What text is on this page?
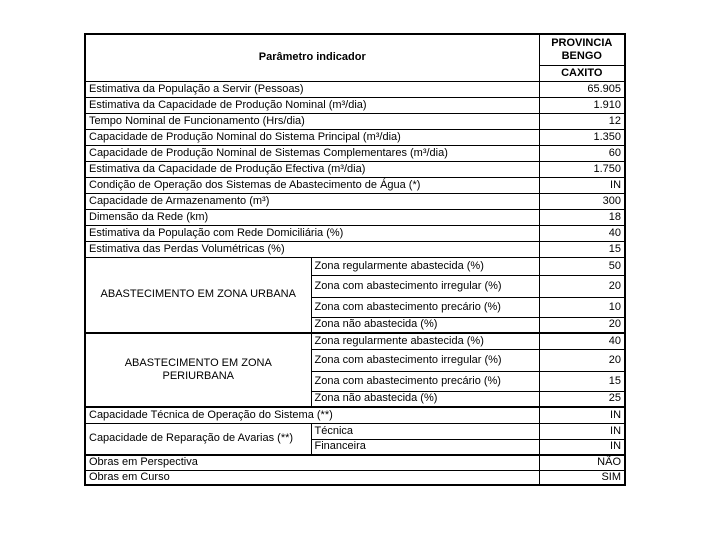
Parâmetro indicador		PROVINCIA
BENGO

		CAXITO
Estimativa da População a Servir (Pessoas)		65.905
Estimativa da Capacidade de Produção Nominal (m³/dia)		1.910
Tempo Nominal de Funcionamento (Hrs/dia)		12
Capacidade de Produção Nominal do Sistema Principal (m³/dia)		1.350
Capacidade de Produção Nominal de Sistemas Complementares (m³/dia)		60
Estimativa da Capacidade de Produção Efectiva (m³/dia)		1.750
Condição de Operação dos Sistemas de Abastecimento de Água (*)		IN
Capacidade de Armazenamento (m³)		300
Dimensão da Rede (km)		18
Estimativa da População com Rede Domiciliária (%)		40
Estimativa das Perdas Volumétricas (%)		15
ABASTECIMENTO EM ZONA URBANA	Zona regularmente abastecida (%)	50
	Zona com abastecimento irregular (%)	20
	Zona com abastecimento precário (%)	10
	Zona não abastecida (%)	20

ABASTECIMENTO EM ZONA
PERIURBANA	Zona regularmente abastecida (%)	40
	Zona com abastecimento irregular (%)	20
	Zona com abastecimento precário (%)	15
	Zona não abastecida (%)	25
Capacidade Técnica de Operação do Sistema (**)		IN
Capacidade de Reparação de Avarias (**)	Técnica	IN
	Financeira	IN
Obras em Perspectiva		NÃO
Obras em Curso		SIM
